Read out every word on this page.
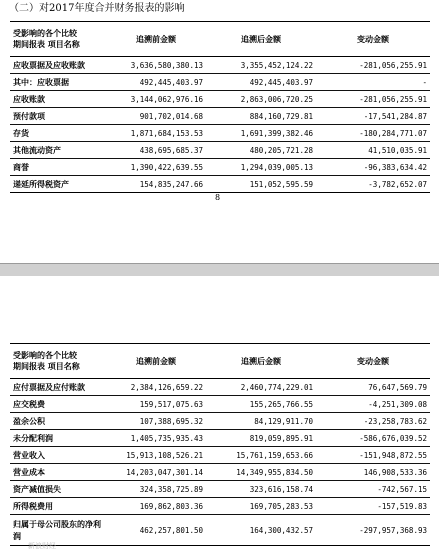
（二）对2017年度合并财务报表的影响
受影响的各个比较
期间报表 项目名称	追溯前金额	追溯后金额	变动金额
应收票据及应收账款	3,636,580,380.13	3,355,452,124.22	-281,056,255.91
其中：应收票据	492,445,403.97	492,445,403.97	-
应收账款	3,144,062,976.16	2,863,006,720.25	-281,056,255.91
预付款项	901,702,014.68	884,160,729.81	-17,541,284.87
存货	1,871,684,153.53	1,691,399,382.46	-180,284,771.07
其他流动资产	438,695,685.37	480,205,721.28	41,510,035.91
商誉	1,390,422,639.55	1,294,039,005.13	-96,383,634.42
递延所得税资产	154,835,247.66	151,052,595.59	-3,782,652.07
8
受影响的各个比较
期间报表 项目名称	追溯前金额	追溯后金额	变动金额
应付票据及应付账款	2,384,126,659.22	2,460,774,229.01	76,647,569.79
应交税费	159,517,075.63	155,265,766.55	-4,251,309.08
盈余公积	107,388,695.32	84,129,911.70	-23,258,783.62
未分配利润	1,405,735,935.43	819,059,895.91	-586,676,039.52
营业收入	15,913,108,526.21	15,761,159,653.66	-151,948,872.55
营业成本	14,203,047,301.14	14,349,955,834.50	146,908,533.36
资产减值损失	324,358,725.89	323,616,158.74	-742,567.15
所得税费用	169,862,803.36	169,705,283.53	-157,519.83
归属于母公司股东的净利润	462,257,801.50	164,300,432.57	-297,957,368.93
新浪财经
